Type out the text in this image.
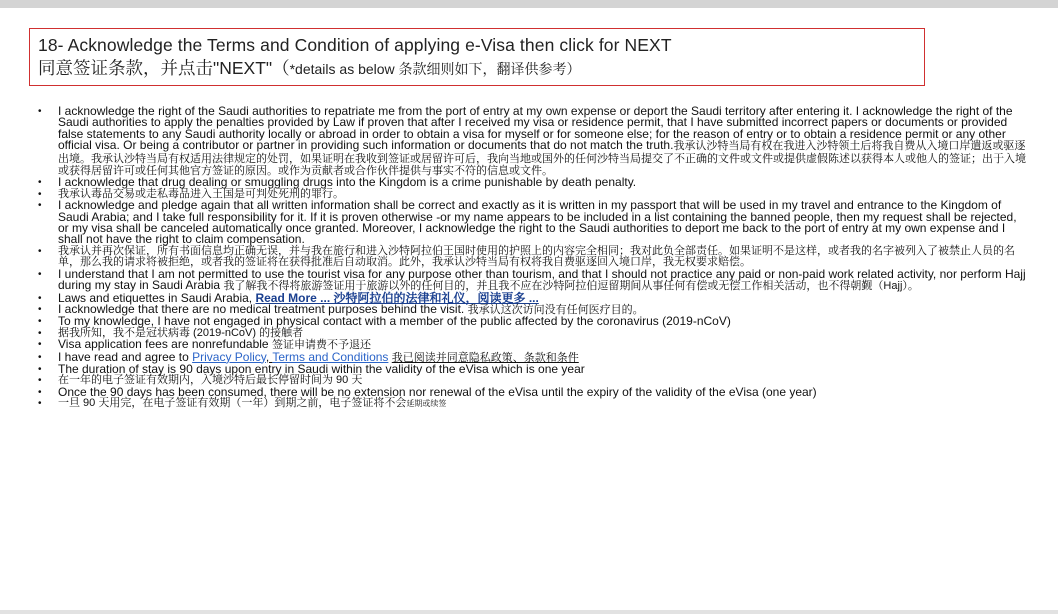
18- Acknowledge the Terms and Condition of applying e-Visa then click for NEXT
同意签证条款，并点击"NEXT"（*details as below 条款细则如下，翻译供参考）
• I acknowledge the right of the Saudi authorities to repatriate me from the port of entry at my own expense or deport the Saudi territory after entering it. I acknowledge the right of the Saudi authorities to apply the penalties provided by Law if proven that after I received my visa or residence permit, that I have submitted incorrect papers or documents or provided false statements to any Saudi authority locally or abroad in order to obtain a visa for myself or for someone else; for the reason of entry or to obtain a residence permit or any other official visa. Or being a contributor or partner in providing such information or documents that do not match the truth.我承认沙特当局有权在我进入沙特领土后将我自费从入境口岸遣返或驱逐出境。我承认沙特当局有权适用法律规定的处罚，如果证明在我收到签证或居留许可后，我向当地或国外的任何沙特当局提交了不正确的文件或文件或提供虚假陈述以获得本人或他人的签证；出于入境或获得居留许可或任何其他官方签证的原因。或作为贡献者或合作伙伴提供与事实不符的信息或文件。
• I acknowledge that drug dealing or smuggling drugs into the Kingdom is a crime punishable by death penalty.
• 我承认毒品交易或走私毒品进入王国是可判处死刑的罪行。
• I acknowledge and pledge again that all written information shall be correct and exactly as it is written in my passport that will be used in my travel and entrance to the Kingdom of Saudi Arabia; and I take full responsibility for it. If it is proven otherwise -or my name appears to be included in a list containing the banned people, then my request shall be rejected, or my visa shall be canceled automatically once granted. Moreover, I acknowledge the right to the Saudi authorities to deport me back to the port of entry at my own expense and I shall not have the right to claim compensation.
• 我承认并再次保证，所有书面信息均正确无误，并与我在旅行和进入沙特阿拉伯王国时使用的护照上的内容完全相同；我对此负全部责任。如果证明不是这样，或者我的名字被列入了被禁止人员的名单，那么我的请求将被拒绝，或者我的签证将在获得批准后自动取消。此外，我承认沙特当局有权将我自费驱逐回入境口岸，我无权要求赔偿。
• I understand that I am not permitted to use the tourist visa for any purpose other than tourism, and that I should not practice any paid or non-paid work related activity, nor perform Hajj during my stay in Saudi Arabia 我了解我不得将旅游签证用于旅游以外的任何目的，并且我不应在沙特阿拉伯逗留期间从事任何有偿或无偿工作相关活动，也不得朝觐（Hajj）。
• Laws and etiquettes in Saudi Arabia, Read More ... 沙特阿拉伯的法律和礼仪，阅读更多 ...
• I acknowledge that there are no medical treatment purposes behind the visit. 我承认这次访问没有任何医疗目的。
• To my knowledge, I have not engaged in physical contact with a member of the public affected by the coronavirus (2019-nCoV)
• 据我所知，我不是冠状病毒 (2019-nCoV) 的接触者
• Visa application fees are nonrefundable 签证申请费不予退还
• I have read and agree to Privacy Policy, Terms and Conditions 我已阅读并同意隐私政策、条款和条件
• The duration of stay is 90 days upon entry in Saudi within the validity of the eVisa which is one year
• 在一年的电子签证有效期内，入境沙特后最长停留时间为 90 天
• Once the 90 days has been consumed, there will be no extension nor renewal of the eVisa until the expiry of the validity of the eVisa (one year)
• 一旦 90 天用完，在电子签证有效期（一年）到期之前，电子签证将不会延期或续签
